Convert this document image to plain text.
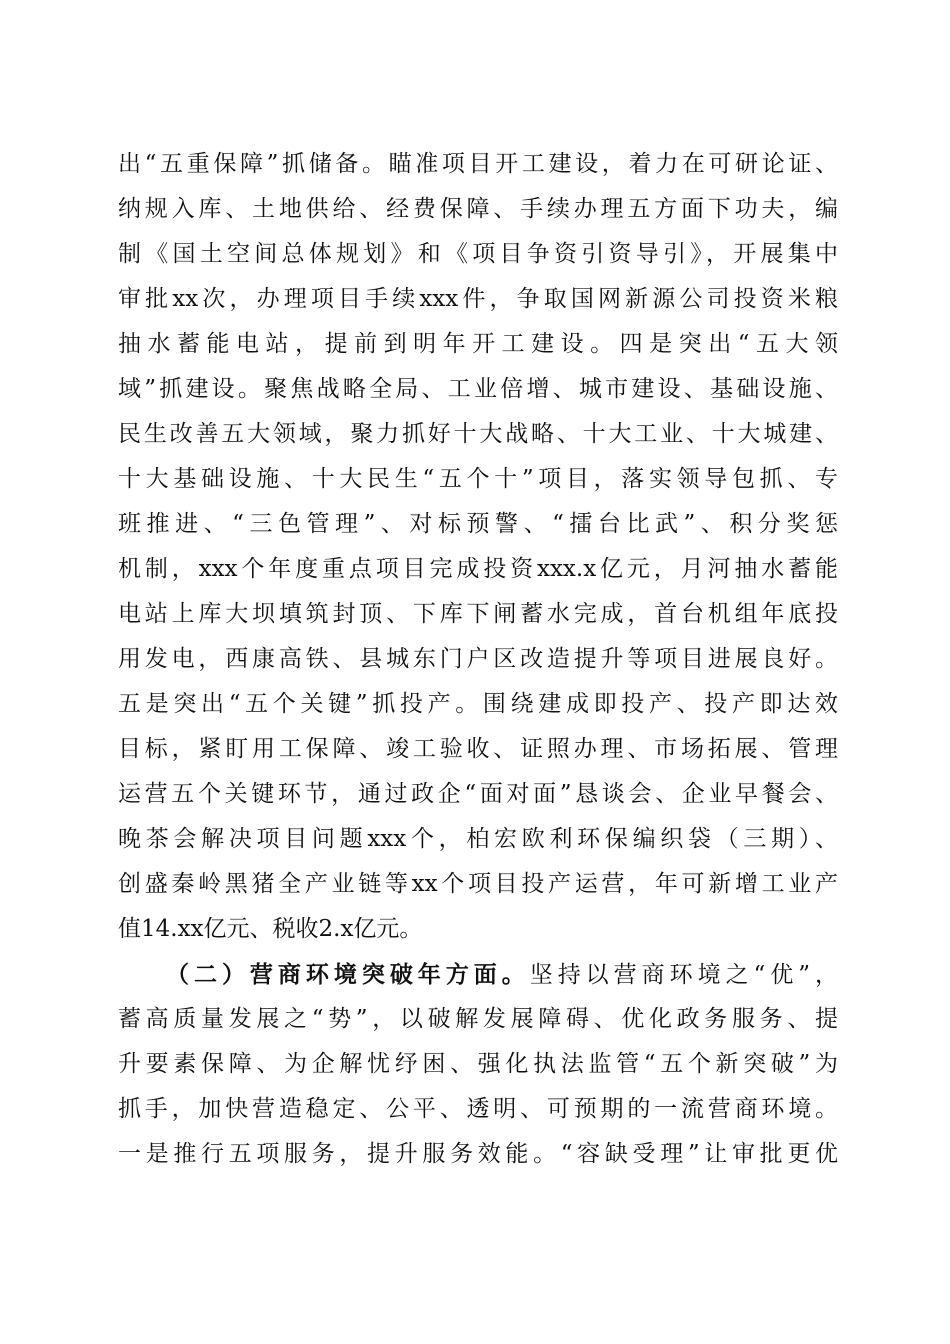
出“五重保障”抓储备。瞄准项目开工建设，着力在可研论证、
纳规入库、土地供给、经费保障、手续办理五方面下功夫，编
制《国土空间总体规划》和《项目争资引资导引》，开展集中
审批xx次，办理项目手续xxx件，争取国网新源公司投资米粮
抽水蓄能电站，提前到明年开工建设。四是突出“五大领
域”抓建设。聚焦战略全局、工业倍增、城市建设、基础设施、
民生改善五大领域，聚力抓好十大战略、十大工业、十大城建、
十大基础设施、十大民生“五个十”项目，落实领导包抓、专
班推进、“三色管理”、对标预警、“擂台比武”、积分奖惩
机制，xxx个年度重点项目完成投资xxx.x亿元，月河抽水蓄能
电站上库大坝填筑封顶、下库下闸蓄水完成，首台机组年底投
用发电，西康高铁、县城东门户区改造提升等项目进展良好。
五是突出“五个关键”抓投产。围绕建成即投产、投产即达效
目标，紧盯用工保障、竣工验收、证照办理、市场拓展、管理
运营五个关键环节，通过政企“面对面”恳谈会、企业早餐会、
晚茶会解决项目问题xxx个，柏宏欧利环保编织袋（三期）、
创盛秦岭黑猪全产业链等xx个项目投产运营，年可新增工业产
值14.xx亿元、税收2.x亿元。
（二）营商环境突破年方面。坚持以营商环境之“优”，
蓄高质量发展之“势”，以破解发展障碍、优化政务服务、提
升要素保障、为企解忧纾困、强化执法监管“五个新突破”为
抓手，加快营造稳定、公平、透明、可预期的一流营商环境。
一是推行五项服务，提升服务效能。“容缺受理”让审批更优
